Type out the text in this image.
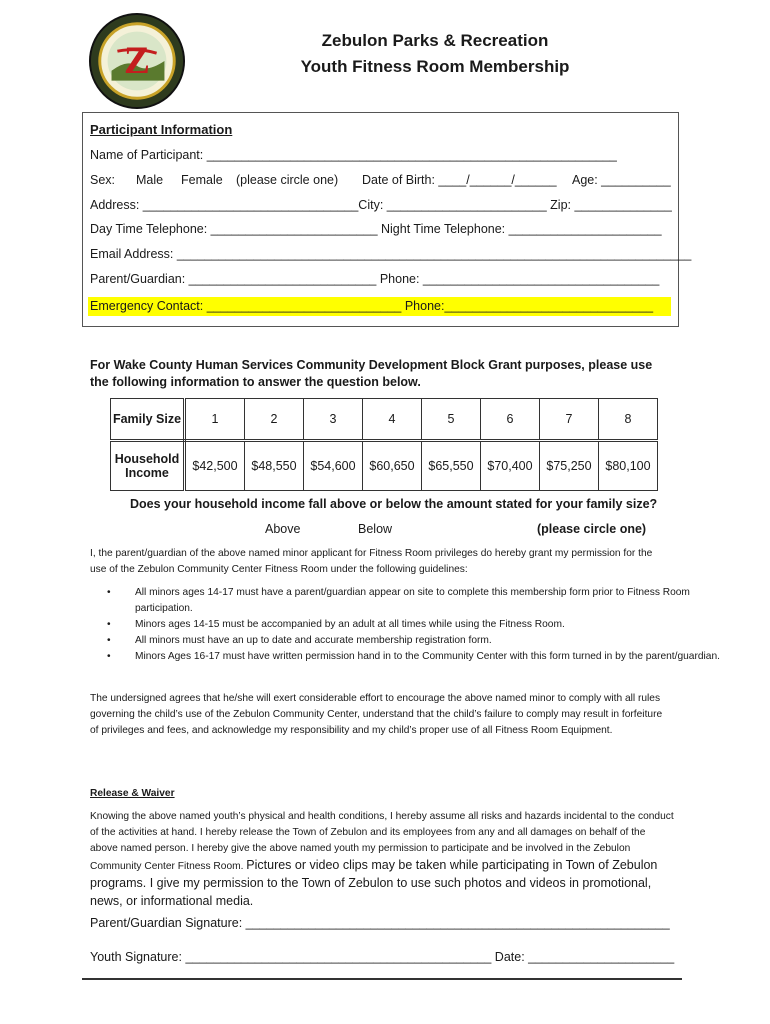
Z	Zebulon Parks & Recreation
Youth Fitness Room Membership
Participant Information
Name of Participant: ___________________________________________________________
Sex: Male Female (please circle one) Date of Birth: ____/______/______ Age: __________
Address: _______________________________City: _______________________ Zip: ______________
Day Time Telephone: ________________________ Night Time Telephone: ______________________
Email Address: __________________________________________________________________________
Parent/Guardian: ___________________________ Phone: __________________________________
Emergency Contact: ____________________________ Phone:______________________________
For Wake County Human Services Community Development Block Grant purposes, please use the following information to answer the question below.
Family Size	1	2	3	4	5	6	7	8
Household Income	$42,500	$48,550	$54,600	$60,650	$65,550	$70,400	$75,250	$80,100
Does your household income fall above or below the amount stated for your family size?
Above	Below	(please circle one)
I, the parent/guardian of the above named minor applicant for Fitness Room privileges do hereby grant my permission for the use of the Zebulon Community Center Fitness Room under the following guidelines:
• All minors ages 14-17 must have a parent/guardian appear on site to complete this membership form prior to Fitness Room participation.
• Minors ages 14-15 must be accompanied by an adult at all times while using the Fitness Room.
• All minors must have an up to date and accurate membership registration form.
• Minors Ages 16-17 must have written permission hand in to the Community Center with this form turned in by the parent/guardian.
The undersigned agrees that he/she will exert considerable effort to encourage the above named minor to comply with all rules governing the child’s use of the Zebulon Community Center, understand that the child’s failure to comply may result in forfeiture of privileges and fees, and acknowledge my responsibility and my child’s proper use of all Fitness Room Equipment.
Release & Waiver
Knowing the above named youth’s physical and health conditions, I hereby assume all risks and hazards incidental to the conduct of the activities at hand. I hereby release the Town of Zebulon and its employees from any and all damages on behalf of the above named person. I hereby give the above named youth my permission to participate and be involved in the Zebulon Community Center Fitness Room. Pictures or video clips may be taken while participating in Town of Zebulon programs. I give my permission to the Town of Zebulon to use such photos and videos in promotional, news, or informational media.
Parent/Guardian Signature: _____________________________________________________________
Youth Signature: ____________________________________________ Date: _____________________
